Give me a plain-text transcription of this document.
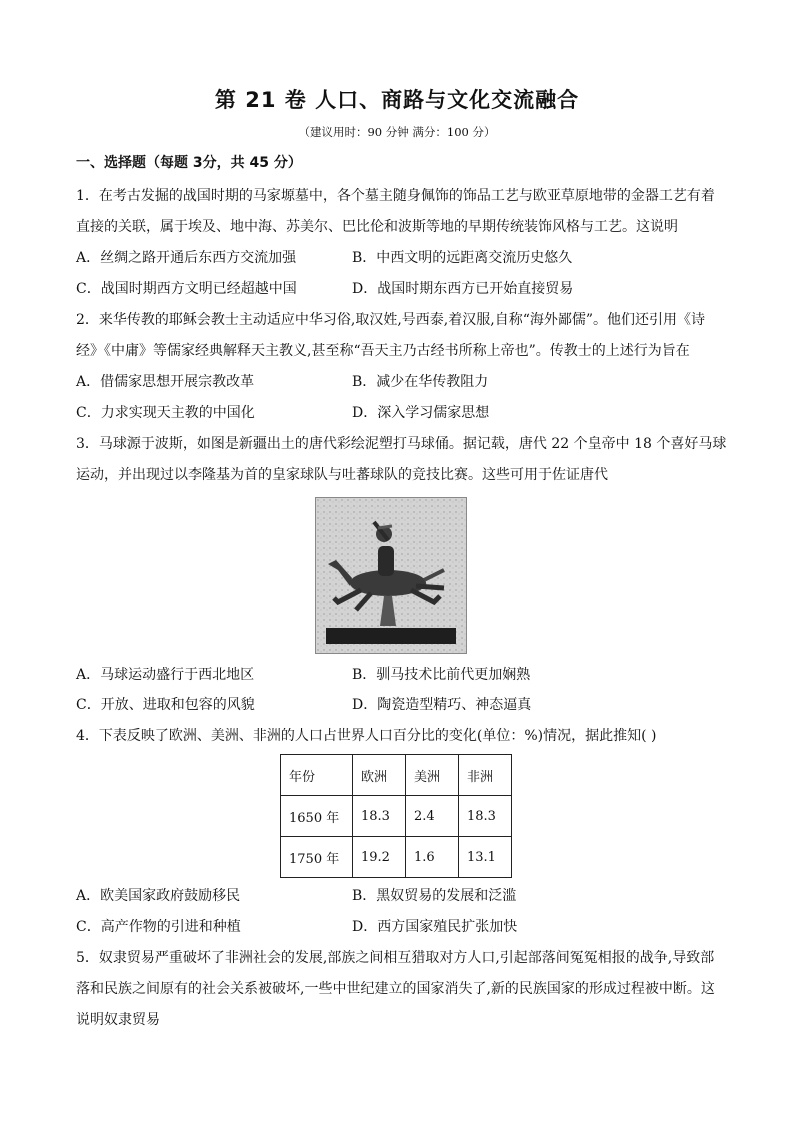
第 21 卷 人口、商路与文化交流融合
（建议用时：90 分钟 满分：100 分）
一、选择题（每题 3分，共 45 分）
1．在考古发掘的战国时期的马家塬墓中，各个墓主随身佩饰的饰品工艺与欧亚草原地带的金器工艺有着
直接的关联，属于埃及、地中海、苏美尔、巴比伦和波斯等地的早期传统装饰风格与工艺。这说明
A．丝绸之路开通后东西方交流加强	B．中西文明的远距离交流历史悠久
C．战国时期西方文明已经超越中国	D．战国时期东西方已开始直接贸易
2．来华传教的耶稣会教士主动适应中华习俗,取汉姓,号西泰,着汉服,自称“海外鄙儒”。他们还引用《诗
经》《中庸》等儒家经典解释天主教义,甚至称“吾天主乃古经书所称上帝也”。传教士的上述行为旨在
A．借儒家思想开展宗教改革	B．减少在华传教阻力
C．力求实现天主教的中国化	D．深入学习儒家思想
3．马球源于波斯，如图是新疆出土的唐代彩绘泥塑打马球俑。据记载，唐代 22 个皇帝中 18 个喜好马球
运动，并出现过以李隆基为首的皇家球队与吐蕃球队的竞技比赛。这些可用于佐证唐代
A．马球运动盛行于西北地区	B．驯马技术比前代更加娴熟
C．开放、进取和包容的风貌	D．陶瓷造型精巧、神态逼真
4．下表反映了欧洲、美洲、非洲的人口占世界人口百分比的变化(单位：%)情况，据此推知( )
年份	欧洲	美洲	非洲
1650 年	18.3	2.4	18.3
1750 年	19.2	1.6	13.1
A．欧美国家政府鼓励移民	B．黑奴贸易的发展和泛滥
C．高产作物的引进和种植	D．西方国家殖民扩张加快
5．奴隶贸易严重破坏了非洲社会的发展,部族之间相互猎取对方人口,引起部落间冤冤相报的战争,导致部
落和民族之间原有的社会关系被破坏,一些中世纪建立的国家消失了,新的民族国家的形成过程被中断。这
说明奴隶贸易
